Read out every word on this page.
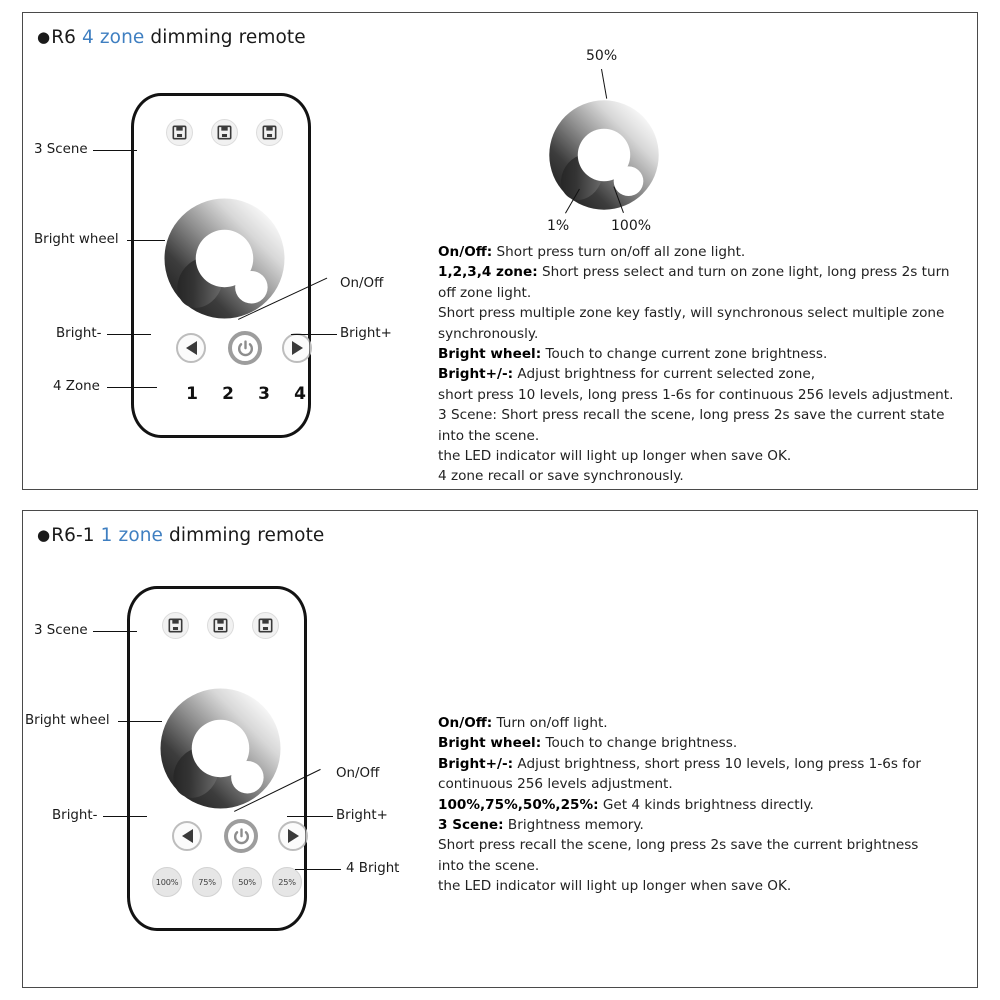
●R6 4 zone dimming remote
1 2 3 4
3 Scene
Bright wheel
Bright-
4 Zone
Bright+
On/Off
50%
1%	100%
On/Off: Short press turn on/off all zone light.
1,2,3,4 zone: Short press select and turn on zone light, long press 2s turn
off zone light.
Short press multiple zone key fastly, will synchronous select multiple zone
synchronously.
Bright wheel: Touch to change current zone brightness.
Bright+/-: Adjust brightness for current selected zone,
short press 10 levels, long press 1-6s for continuous 256 levels adjustment.
3 Scene: Short press recall the scene, long press 2s save the current state
into the scene.
the LED indicator will light up longer when save OK.
4 zone recall or save synchronously.
●R6-1 1 zone dimming remote
100%	75%	50%	25%
3 Scene
Bright wheel
Bright-	Bright+
On/Off
4 Bright
On/Off: Turn on/off light.
Bright wheel: Touch to change brightness.
Bright+/-: Adjust brightness, short press 10 levels, long press 1-6s for
continuous 256 levels adjustment.
100%,75%,50%,25%: Get 4 kinds brightness directly.
3 Scene: Brightness memory.
Short press recall the scene, long press 2s save the current brightness
into the scene.
the LED indicator will light up longer when save OK.
